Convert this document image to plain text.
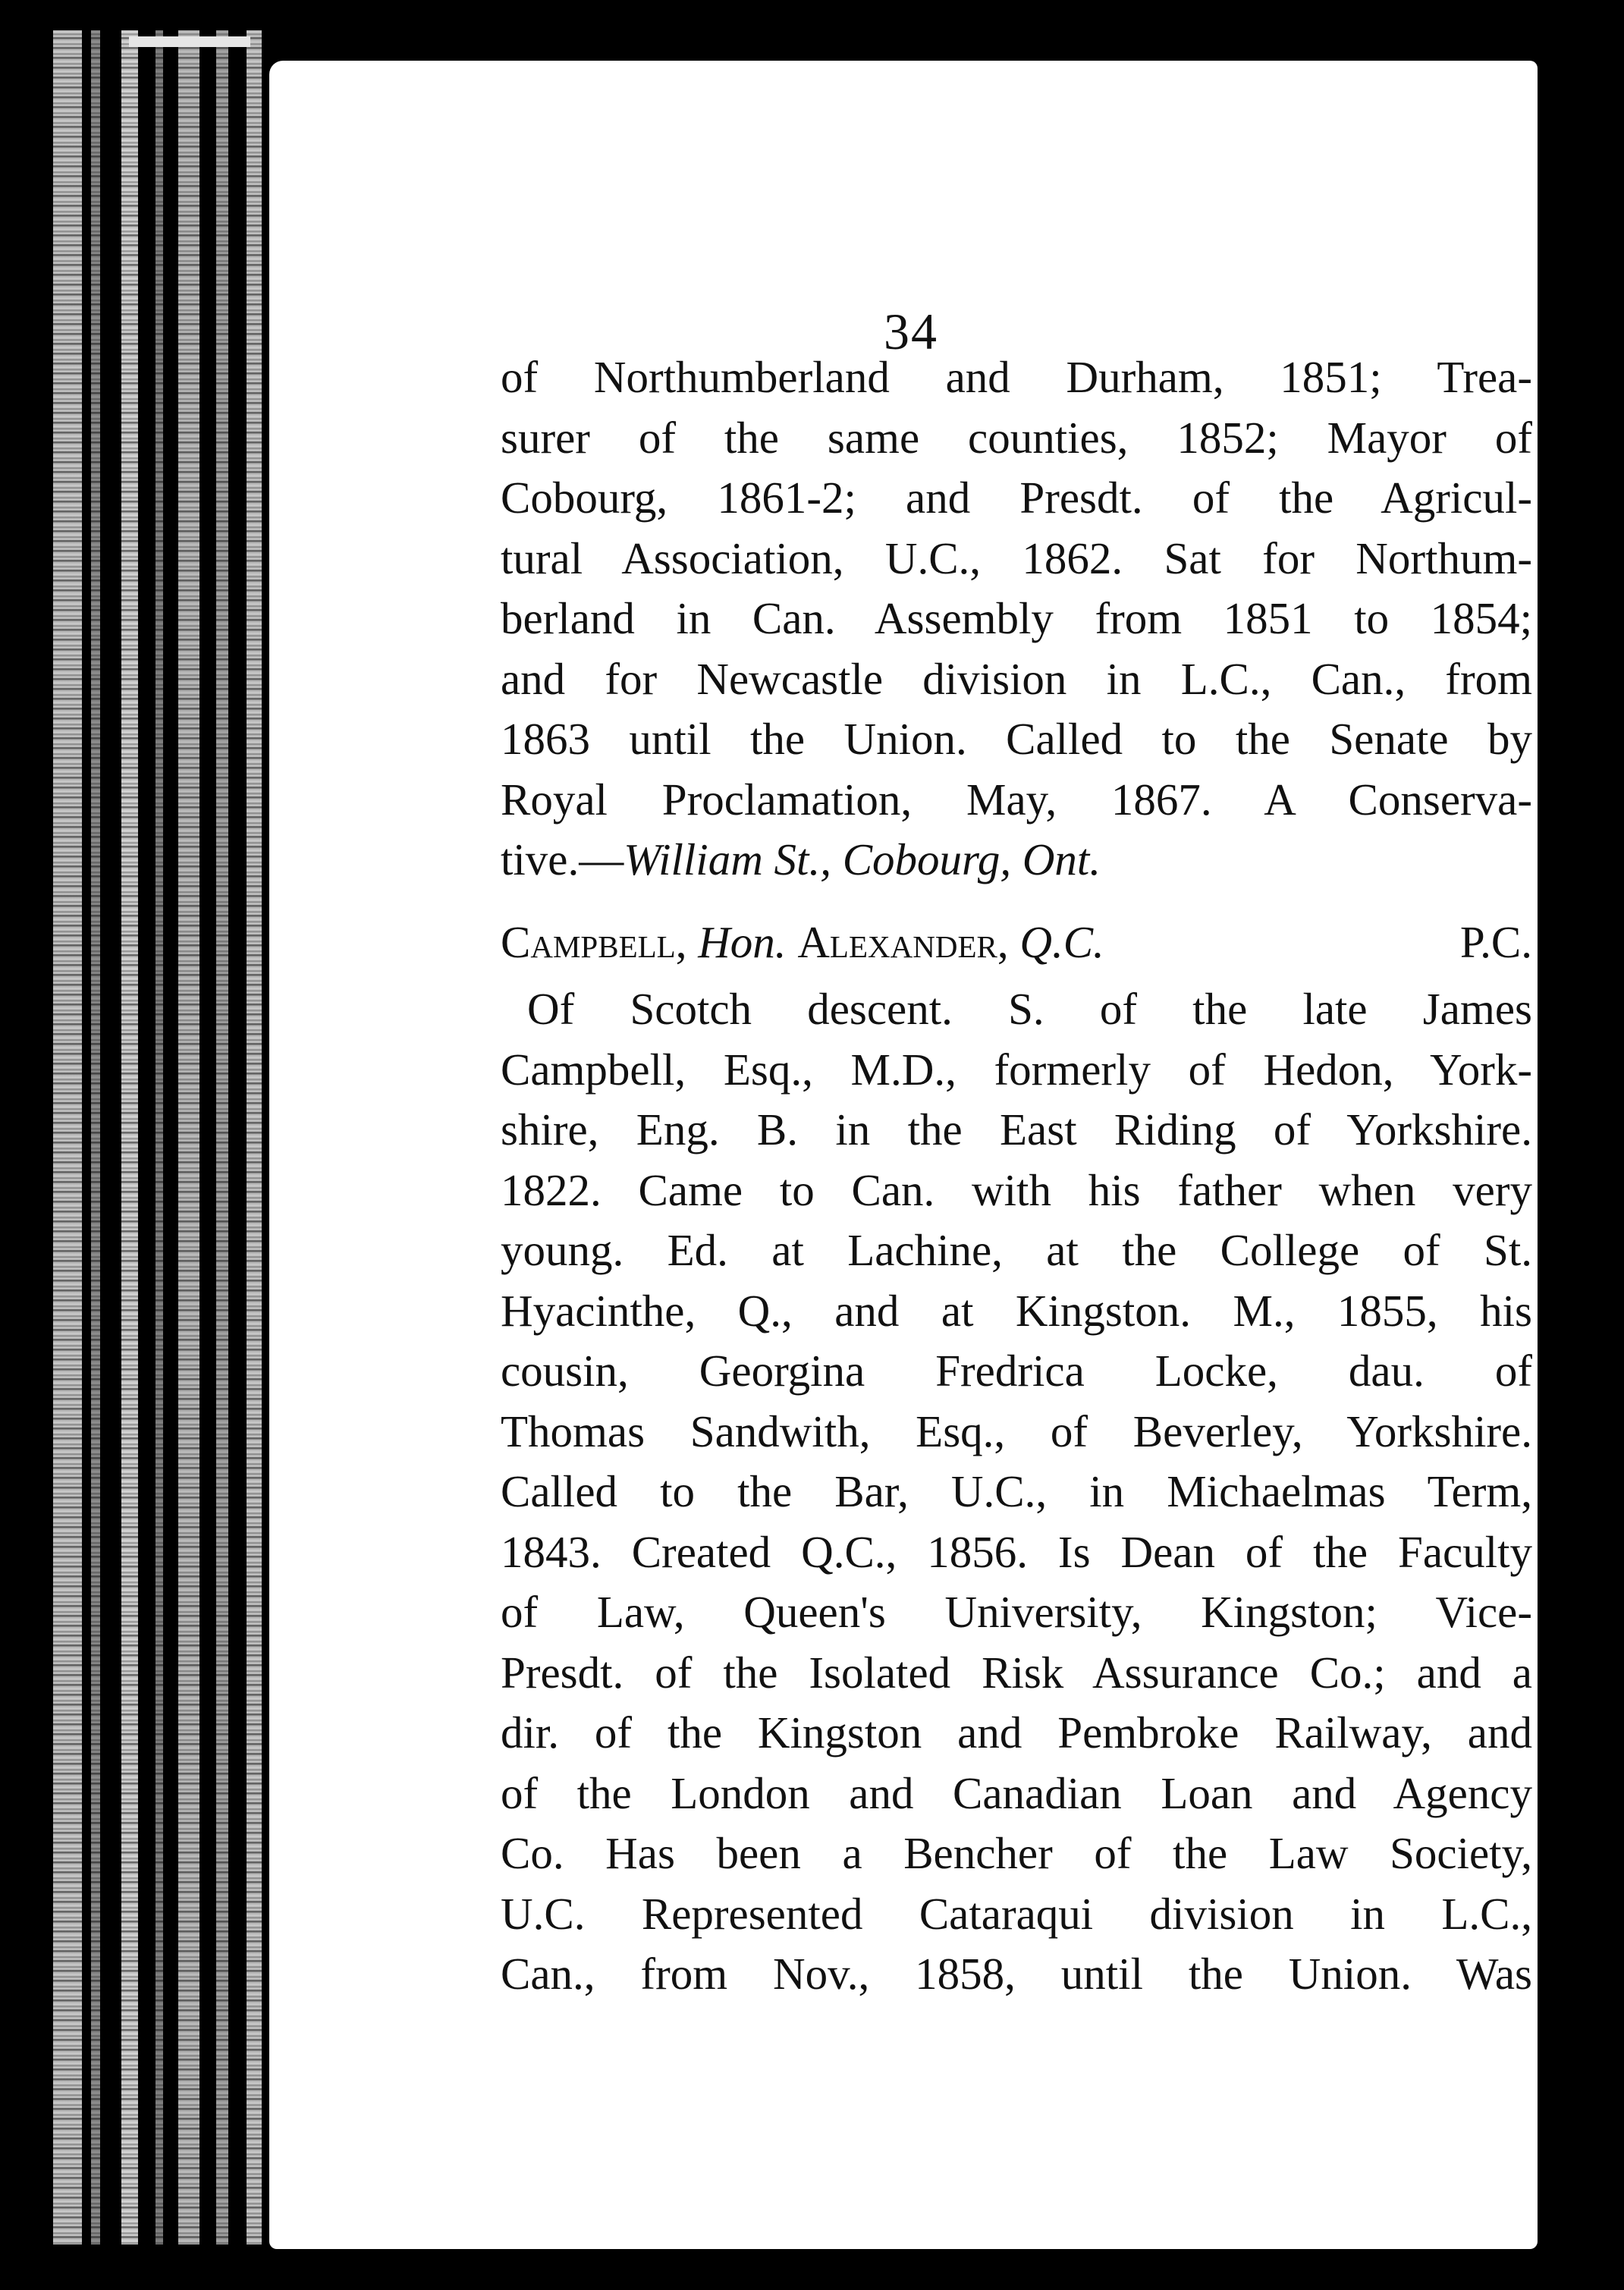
34
of Northumberland and Durham, 1851; Trea-
surer of the same counties, 1852; Mayor of
Cobourg, 1861-2; and Presdt. of the Agricul-
tural Association, U.C., 1862. Sat for Northum-
berland in Can. Assembly from 1851 to 1854;
and for Newcastle division in L.C., Can., from
1863 until the Union. Called to the Senate by
Royal Proclamation, May, 1867. A Conserva-
tive.—William St., Cobourg, Ont.
Campbell, Hon. Alexander, Q.C.	P.C.
Of Scotch descent. S. of the late James
Campbell, Esq., M.D., formerly of Hedon, York-
shire, Eng. B. in the East Riding of Yorkshire.
1822. Came to Can. with his father when very
young. Ed. at Lachine, at the College of St.
Hyacinthe, Q., and at Kingston. M., 1855, his
cousin, Georgina Fredrica Locke, dau. of
Thomas Sandwith, Esq., of Beverley, Yorkshire.
Called to the Bar, U.C., in Michaelmas Term,
1843. Created Q.C., 1856. Is Dean of the Faculty
of Law, Queen's University, Kingston; Vice-
Presdt. of the Isolated Risk Assurance Co.; and a
dir. of the Kingston and Pembroke Railway, and
of the London and Canadian Loan and Agency
Co. Has been a Bencher of the Law Society,
U.C. Represented Cataraqui division in L.C.,
Can., from Nov., 1858, until the Union. Was
